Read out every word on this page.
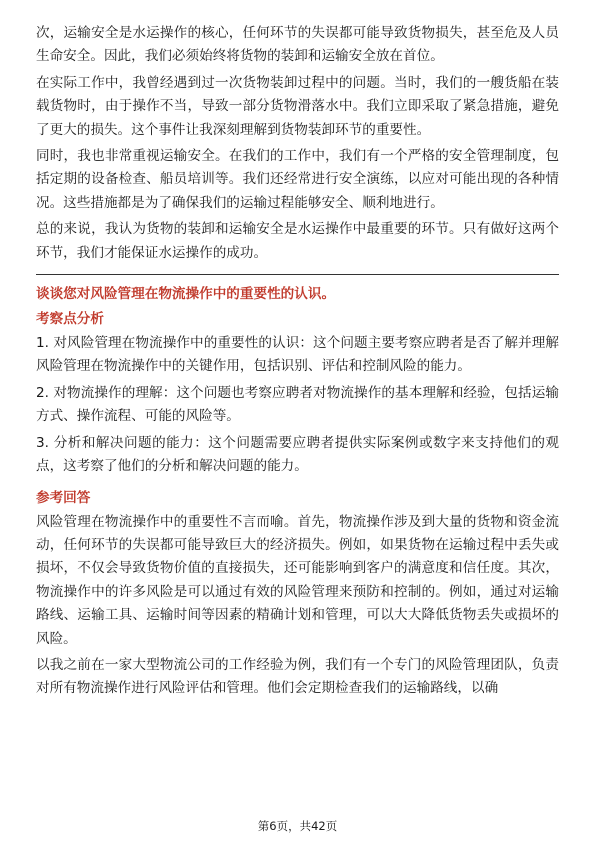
次，运输安全是水运操作的核心，任何环节的失误都可能导致货物损失，甚至危及人员生命安全。因此，我们必须始终将货物的装卸和运输安全放在首位。

在实际工作中，我曾经遇到过一次货物装卸过程中的问题。当时，我们的一艘货船在装载货物时，由于操作不当，导致一部分货物滑落水中。我们立即采取了紧急措施，避免了更大的损失。这个事件让我深刻理解到货物装卸环节的重要性。

同时，我也非常重视运输安全。在我们的工作中，我们有一个严格的安全管理制度，包括定期的设备检查、船员培训等。我们还经常进行安全演练，以应对可能出现的各种情况。这些措施都是为了确保我们的运输过程能够安全、顺利地进行。

总的来说，我认为货物的装卸和运输安全是水运操作中最重要的环节。只有做好这两个环节，我们才能保证水运操作的成功。

谈谈您对风险管理在物流操作中的重要性的认识。

考察点分析

1. 对风险管理在物流操作中的重要性的认识：这个问题主要考察应聘者是否了解并理解风险管理在物流操作中的关键作用，包括识别、评估和控制风险的能力。

2. 对物流操作的理解：这个问题也考察应聘者对物流操作的基本理解和经验，包括运输方式、操作流程、可能的风险等。

3. 分析和解决问题的能力：这个问题需要应聘者提供实际案例或数字来支持他们的观点，这考察了他们的分析和解决问题的能力。

参考回答

风险管理在物流操作中的重要性不言而喻。首先，物流操作涉及到大量的货物和资金流动，任何环节的失误都可能导致巨大的经济损失。例如，如果货物在运输过程中丢失或损坏，不仅会导致货物价值的直接损失，还可能影响到客户的满意度和信任度。其次，物流操作中的许多风险是可以通过有效的风险管理来预防和控制的。例如，通过对运输路线、运输工具、运输时间等因素的精确计划和管理，可以大大降低货物丢失或损坏的风险。

以我之前在一家大型物流公司的工作经验为例，我们有一个专门的风险管理团队，负责对所有物流操作进行风险评估和管理。他们会定期检查我们的运输路线，以确

第6页，共42页
